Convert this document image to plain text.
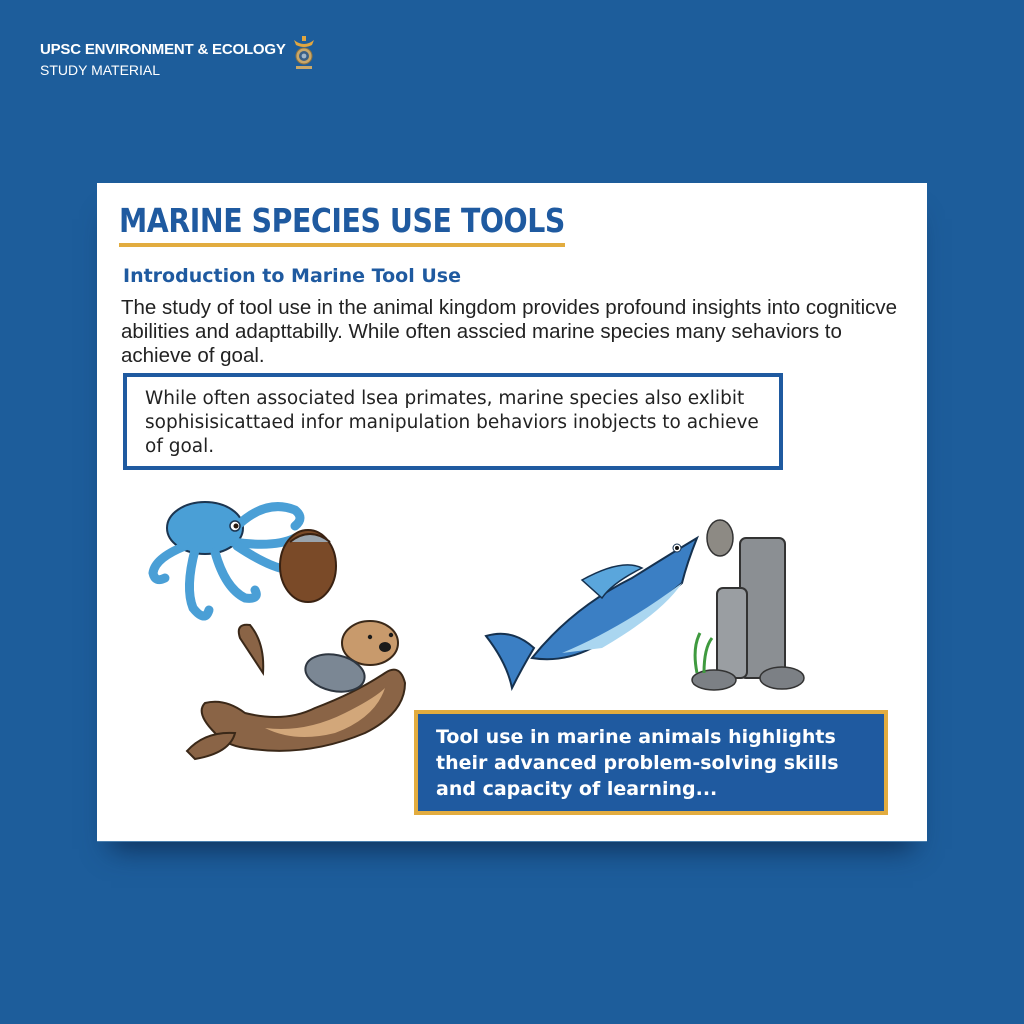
UPSC ENVIRONMENT & ECOLOGY
STUDY MATERIAL
MARINE SPECIES USE TOOLS
Introduction to Marine Tool Use
The study of tool use in the animal kingdom provides profound insights into cogniticve abilities and adapttabilly. While often asscied marine species many sehaviors to achieve of goal.
While often associated lsea primates, marine species also exlibit sophisisicattaed infor manipulation behaviors inobjects to achieve of goal.
Tool use in marine animals highlights their advanced problem-solving skills and capacity of learning...
